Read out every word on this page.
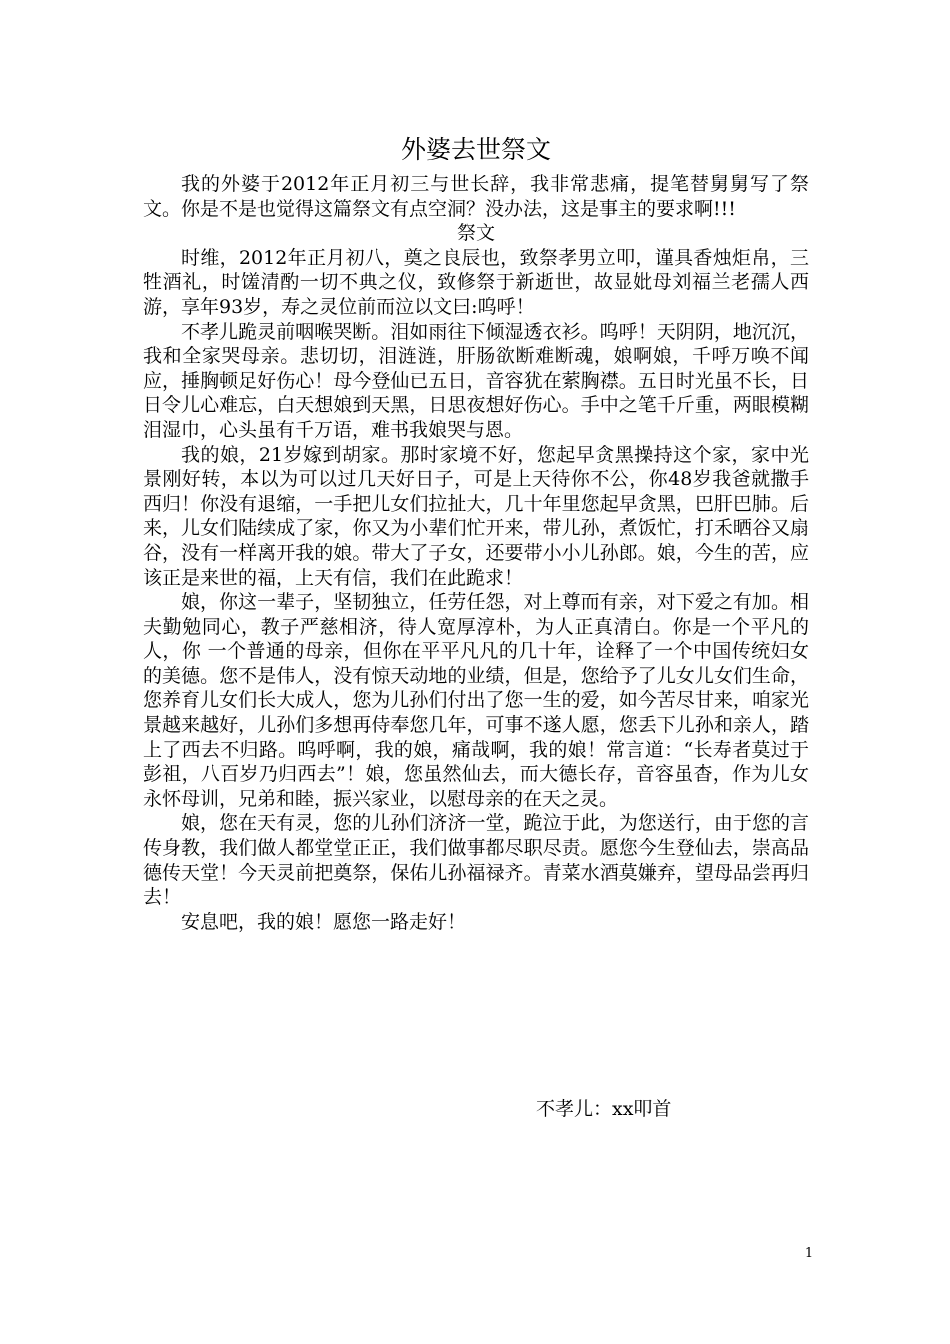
外婆去世祭文

我的外婆于2012年正月初三与世长辞，我非常悲痛，提笔替舅舅写了祭文。你是不是也觉得这篇祭文有点空洞？没办法，这是事主的要求啊!!!

祭文

时维，2012年正月初八，奠之良辰也，致祭孝男立叩，谨具香烛炬帛，三牲酒礼，时馐清酌一切不典之仪，致修祭于新逝世，故显妣母刘福兰老孺人西游，享年93岁，寿之灵位前而泣以文曰:呜呼！

不孝儿跪灵前咽喉哭断。泪如雨往下倾湿透衣衫。呜呼！天阴阴，地沉沉，我和全家哭母亲。悲切切，泪涟涟，肝肠欲断难断魂，娘啊娘，千呼万唤不闻应，捶胸顿足好伤心！母今登仙已五日，音容犹在萦胸襟。五日时光虽不长，日日令儿心难忘，白天想娘到天黑，日思夜想好伤心。手中之笔千斤重，两眼模糊泪湿巾，心头虽有千万语，难书我娘哭与恩。

我的娘，21岁嫁到胡家。那时家境不好，您起早贪黑操持这个家，家中光景刚好转，本以为可以过几天好日子，可是上天待你不公，你48岁我爸就撒手西归！你没有退缩，一手把儿女们拉扯大，几十年里您起早贪黑，巴肝巴肺。后来，儿女们陆续成了家，你又为小辈们忙开来，带儿孙，煮饭忙，打禾晒谷又扇谷，没有一样离开我的娘。带大了子女，还要带小小儿孙郎。娘，今生的苦，应该正是来世的福，上天有信，我们在此跪求！

娘，你这一辈子，坚韧独立，任劳任怨，对上尊而有亲，对下爱之有加。相夫勤勉同心，教子严慈相济，待人宽厚淳朴，为人正真清白。你是一个平凡的人，你 一个普通的母亲，但你在平平凡凡的几十年，诠释了一个中国传统妇女的美德。您不是伟人，没有惊天动地的业绩，但是，您给予了儿女儿女们生命，您养育儿女们长大成人，您为儿孙们付出了您一生的爱，如今苦尽甘来，咱家光景越来越好，儿孙们多想再侍奉您几年，可事不遂人愿，您丢下儿孙和亲人，踏上了西去不归路。呜呼啊，我的娘，痛哉啊，我的娘！常言道：“长寿者莫过于彭祖，八百岁乃归西去”！娘，您虽然仙去，而大德长存，音容虽杳，作为儿女永怀母训，兄弟和睦，振兴家业，以慰母亲的在天之灵。

娘，您在天有灵，您的儿孙们济济一堂，跪泣于此，为您送行，由于您的言传身教，我们做人都堂堂正正，我们做事都尽职尽责。愿您今生登仙去，崇高品德传天堂！今天灵前把奠祭，保佑儿孙福禄齐。青菜水酒莫嫌弃，望母品尝再归去！

安息吧，我的娘！愿您一路走好！

不孝儿：xx叩首
1
